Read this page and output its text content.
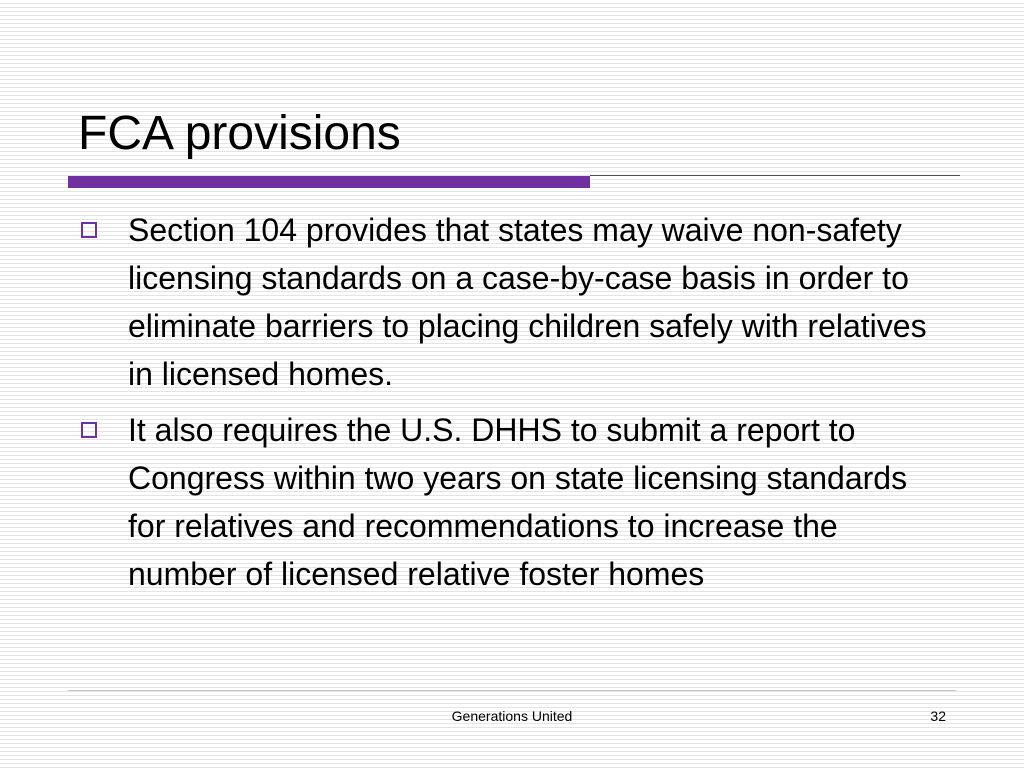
FCA provisions
Section 104 provides that states may waive non-safety licensing standards on a case-by-case basis in order to eliminate barriers to placing children safely with relatives in licensed homes.
It also requires the U.S. DHHS to submit a report to Congress within two years on state licensing standards for relatives and recommendations to increase the number of licensed relative foster homes
Generations United	32
